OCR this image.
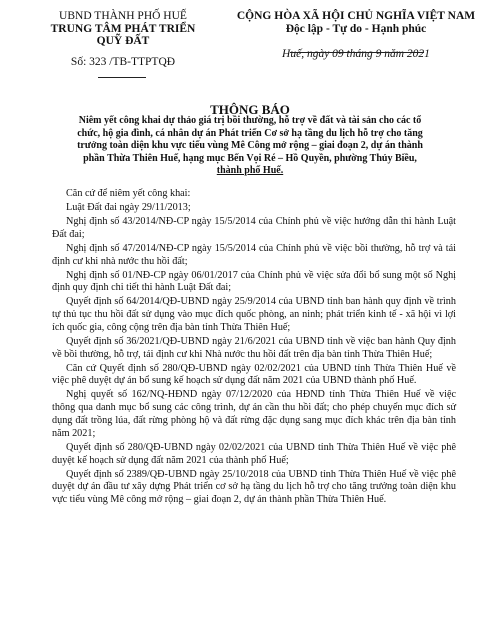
UBND THÀNH PHỐ HUẾ
TRUNG TÂM PHÁT TRIỂN
QUỸ ĐẤT
Số: 323 /TB-TTPTQĐ
CỘNG HÒA XÃ HỘI CHỦ NGHĨA VIỆT NAM
Độc lập - Tự do - Hạnh phúc
Huế, ngày 09 tháng 9 năm 2021
THÔNG BÁO
Niêm yết công khai dự thảo giá trị bồi thường, hỗ trợ về đất và tài sản cho các tổ
chức, hộ gia đình, cá nhân dự án Phát triển Cơ sở hạ tầng du lịch hỗ trợ cho tăng
trưởng toàn diện khu vực tiểu vùng Mê Công mở rộng – giai đoạn 2, dự án thành
phần Thừa Thiên Huế, hạng mục Bến Vọi Ré – Hồ Quyền, phường Thủy Biều,
thành phố Huế.

Căn cứ để niêm yết công khai:

Luật Đất đai ngày 29/11/2013;

Nghị định số 43/2014/NĐ-CP ngày 15/5/2014 của Chính phủ về việc hướng dẫn thi hành Luật Đất đai;

Nghị định số 47/2014/NĐ-CP ngày 15/5/2014 của Chính phủ về việc bồi thường, hỗ trợ và tái định cư khi nhà nước thu hồi đất;

Nghị định số 01/NĐ-CP ngày 06/01/2017 của Chính phủ về việc sửa đổi bổ sung một số Nghị định quy định chi tiết thi hành Luật Đất đai;

Quyết định số 64/2014/QĐ-UBND ngày 25/9/2014 của UBND tỉnh ban hành quy định về trình tự thủ tục thu hồi đất sử dụng vào mục đích quốc phòng, an ninh; phát triển kinh tế - xã hội vì lợi ích quốc gia, công cộng trên địa bàn tỉnh Thừa Thiên Huế;

Quyết định số 36/2021/QĐ-UBND ngày 21/6/2021 của UBND tỉnh về việc ban hành Quy định về bồi thường, hỗ trợ, tái định cư khi Nhà nước thu hồi đất trên địa bàn tỉnh Thừa Thiên Huế;

Căn cứ Quyết định số 280/QĐ-UBND ngày 02/02/2021 của UBND tỉnh Thừa Thiên Huế về việc phê duyệt dự án bổ sung kế hoạch sử dụng đất năm 2021 của UBND thành phố Huế.

Nghị quyết số 162/NQ-HĐND ngày 07/12/2020 của HĐND tỉnh Thừa Thiên Huế về việc thông qua danh mục bổ sung các công trình, dự án cần thu hồi đất; cho phép chuyển mục đích sử dụng đất trồng lúa, đất rừng phòng hộ và đất rừng đặc dụng sang mục đích khác trên địa bàn tỉnh năm 2021;

Quyết định số 280/QĐ-UBND ngày 02/02/2021 của UBND tỉnh Thừa Thiên Huế về việc phê duyệt kế hoạch sử dụng đất năm 2021 của thành phố Huế;

Quyết định số 2389/QĐ-UBND ngày 25/10/2018 của UBND tỉnh Thừa Thiên Huế về việc phê duyệt dự án đầu tư xây dựng Phát triển cơ sở hạ tầng du lịch hỗ trợ cho tăng trưởng toàn diện khu vực tiểu vùng Mê công mở rộng – giai đoạn 2, dự án thành phần Thừa Thiên Huế.
